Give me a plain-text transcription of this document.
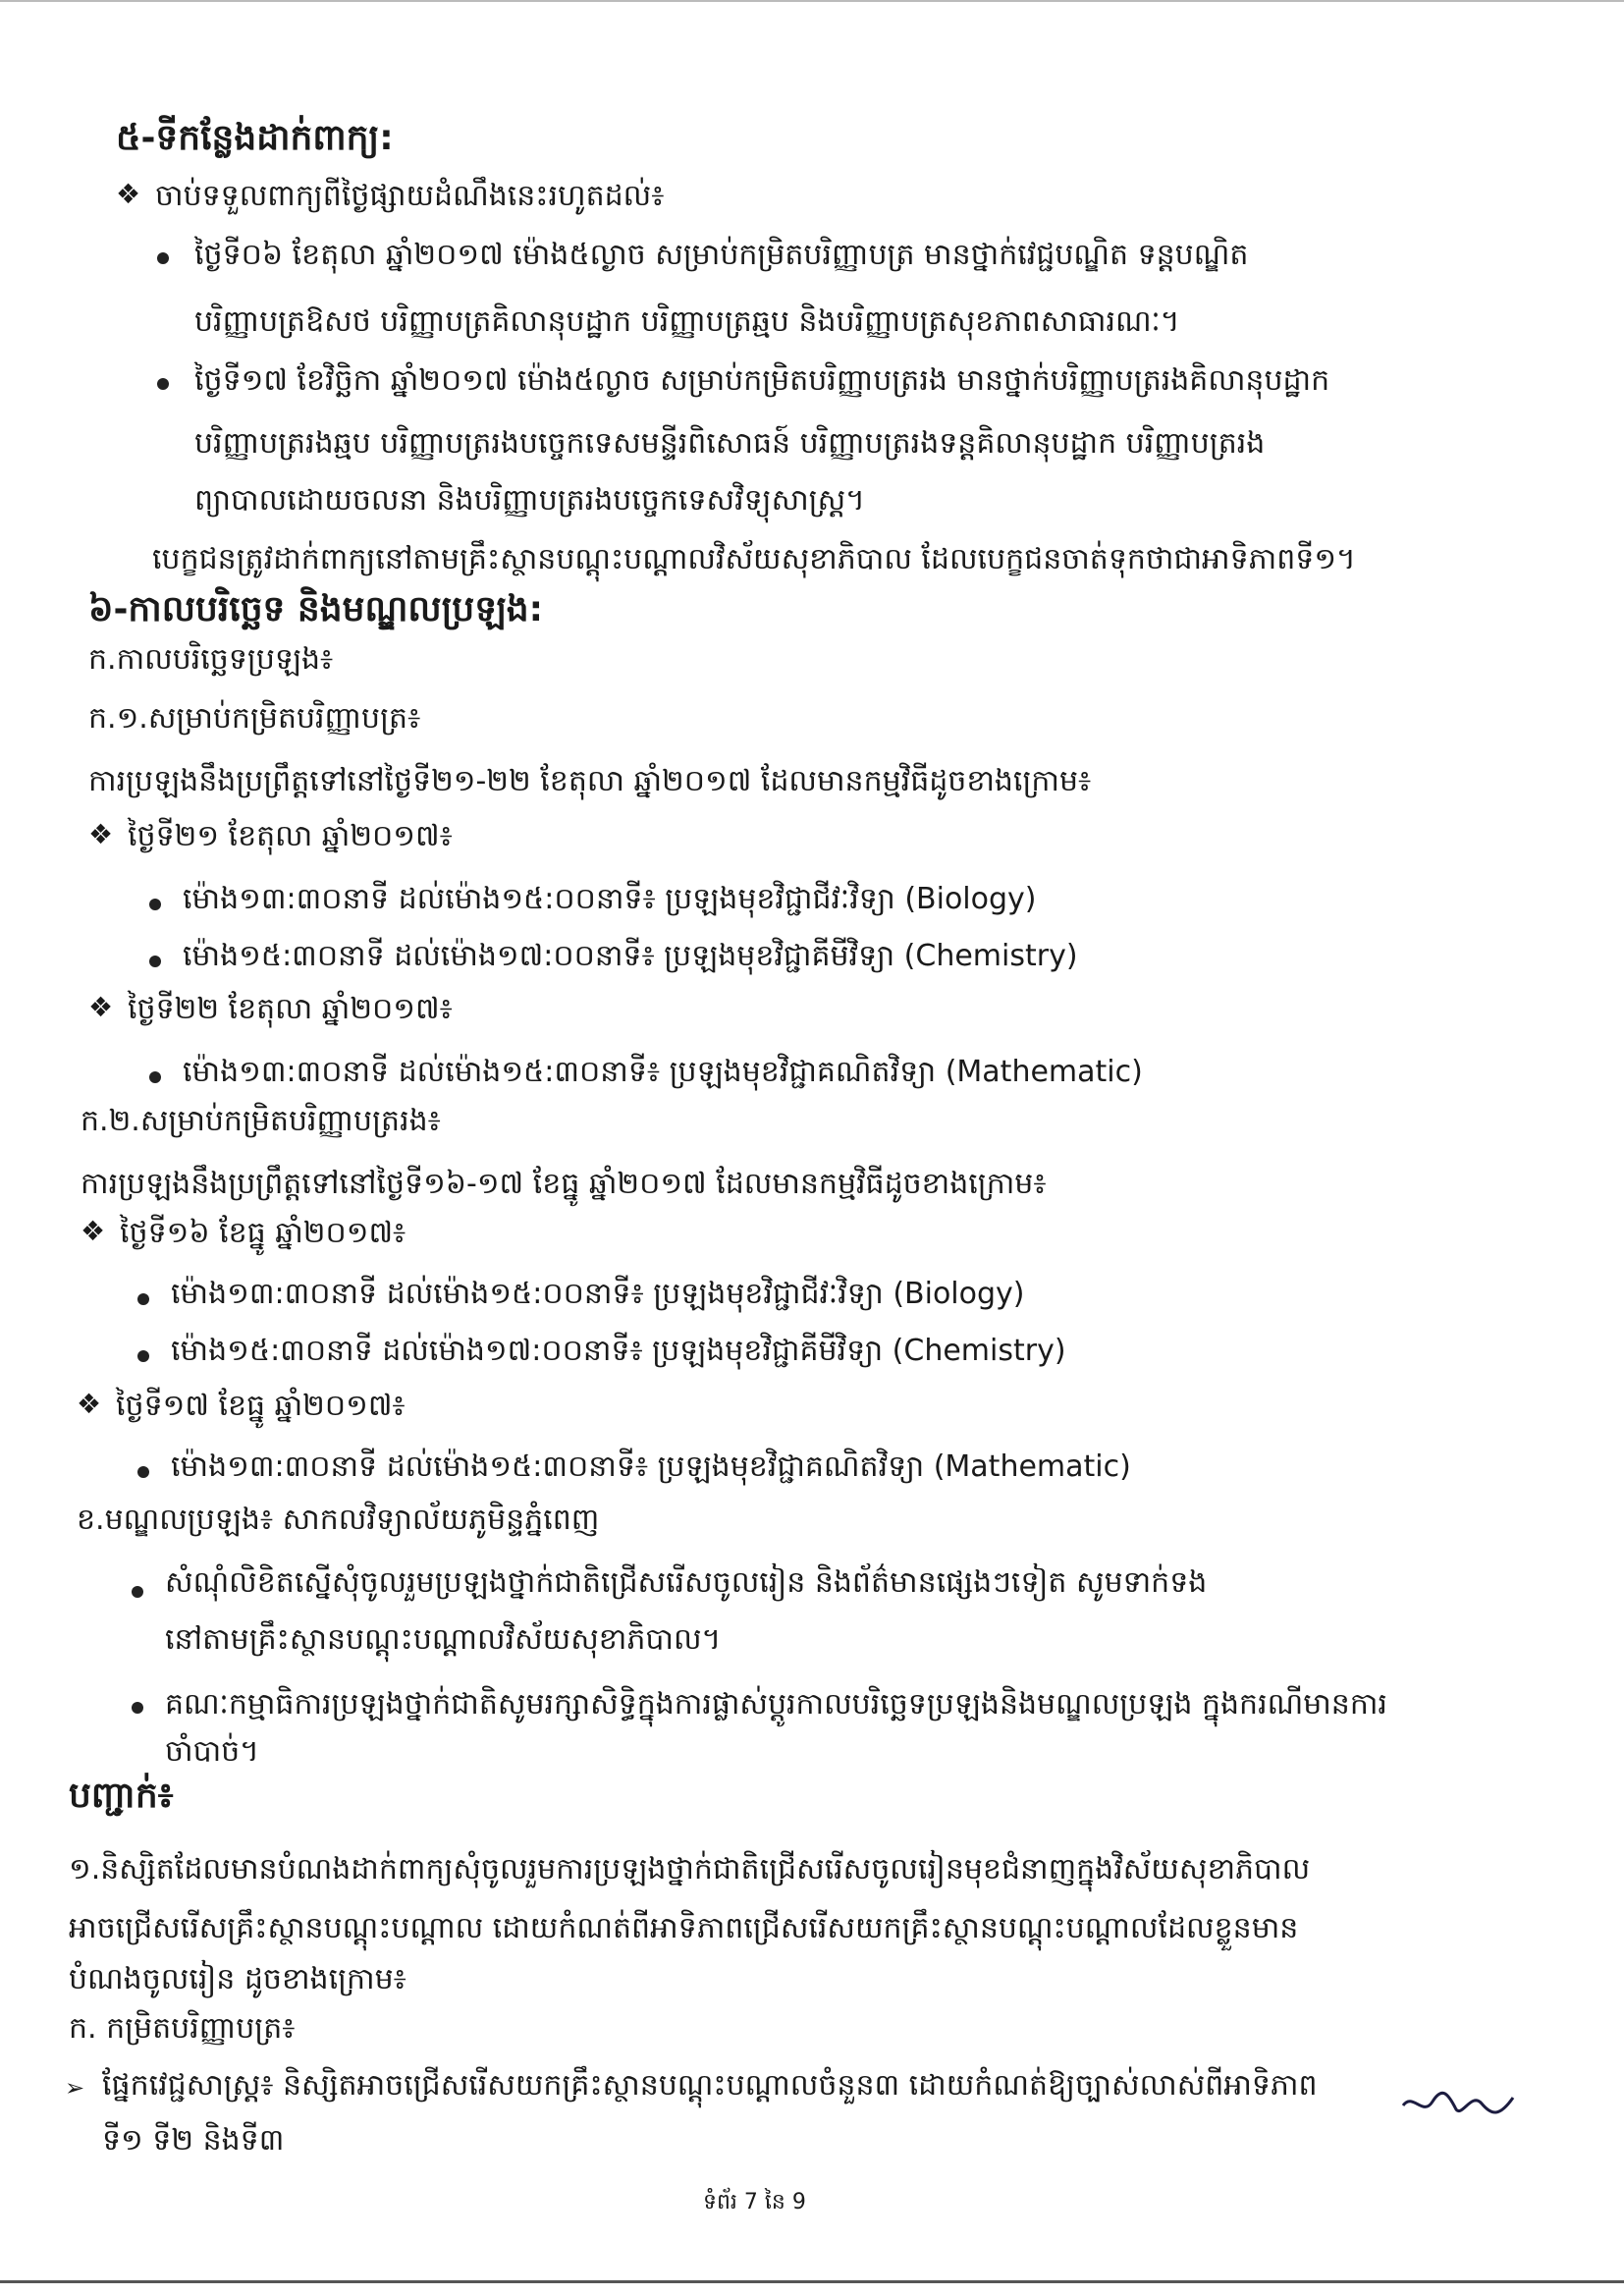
៥-ទីកន្លែងដាក់ពាក្យ:
❖ ចាប់ទទួលពាក្យពីថ្ងៃផ្សាយដំណឹងនេះរហូតដល់៖
ថ្ងៃទី០៦ ខែតុលា ឆ្នាំ២០១៧ ម៉ោង៥ល្ងាច សម្រាប់កម្រិតបរិញ្ញាបត្រ មានថ្នាក់វេជ្ជបណ្ឌិត ទន្តបណ្ឌិត
បរិញ្ញាបត្រឱសថ បរិញ្ញាបត្រគិលានុបដ្ឋាក បរិញ្ញាបត្រឆ្មប និងបរិញ្ញាបត្រសុខភាពសាធារណៈ។
ថ្ងៃទី១៧ ខែវិច្ឆិកា ឆ្នាំ២០១៧ ម៉ោង៥ល្ងាច សម្រាប់កម្រិតបរិញ្ញាបត្ររង មានថ្នាក់បរិញ្ញាបត្ររងគិលានុបដ្ឋាក
បរិញ្ញាបត្ររងឆ្មប បរិញ្ញាបត្ររងបច្ចេកទេសមន្ទីរពិសោធន៍ បរិញ្ញាបត្ររងទន្តគិលានុបដ្ឋាក បរិញ្ញាបត្ររង
ព្យាបាលដោយចលនា និងបរិញ្ញាបត្ររងបច្ចេកទេសវិទ្យុសាស្ត្រ។
បេក្ខជនត្រូវដាក់ពាក្យនៅតាមគ្រឹះស្ថានបណ្តុះបណ្តាលវិស័យសុខាភិបាល ដែលបេក្ខជនចាត់ទុកថាជាអាទិភាពទី១។
៦-កាលបរិច្ឆេទ និងមណ្ឌលប្រឡង:
ក.កាលបរិច្ឆេទប្រឡង៖
ក.១.សម្រាប់កម្រិតបរិញ្ញាបត្រ៖
ការប្រឡងនឹងប្រព្រឹត្តទៅនៅថ្ងៃទី២១-២២ ខែតុលា ឆ្នាំ២០១៧ ដែលមានកម្មវិធីដូចខាងក្រោម៖
❖ ថ្ងៃទី២១ ខែតុលា ឆ្នាំ២០១៧៖
ម៉ោង១៣:៣០នាទី ដល់ម៉ោង១៥:០០នាទី៖ ប្រឡងមុខវិជ្ជាជីវៈវិទ្យា (Biology)
ម៉ោង១៥:៣០នាទី ដល់ម៉ោង១៧:០០នាទី៖ ប្រឡងមុខវិជ្ជាគីមីវិទ្យា (Chemistry)
❖ ថ្ងៃទី២២ ខែតុលា ឆ្នាំ២០១៧៖
ម៉ោង១៣:៣០នាទី ដល់ម៉ោង១៥:៣០នាទី៖ ប្រឡងមុខវិជ្ជាគណិតវិទ្យា (Mathematic)
ក.២.សម្រាប់កម្រិតបរិញ្ញាបត្ររង៖
ការប្រឡងនឹងប្រព្រឹត្តទៅនៅថ្ងៃទី១៦-១៧ ខែធ្នូ ឆ្នាំ២០១៧ ដែលមានកម្មវិធីដូចខាងក្រោម៖
❖ ថ្ងៃទី១៦ ខែធ្នូ ឆ្នាំ២០១៧៖
ម៉ោង១៣:៣០នាទី ដល់ម៉ោង១៥:០០នាទី៖ ប្រឡងមុខវិជ្ជាជីវៈវិទ្យា (Biology)
ម៉ោង១៥:៣០នាទី ដល់ម៉ោង១៧:០០នាទី៖ ប្រឡងមុខវិជ្ជាគីមីវិទ្យា (Chemistry)
❖ ថ្ងៃទី១៧ ខែធ្នូ ឆ្នាំ២០១៧៖
ម៉ោង១៣:៣០នាទី ដល់ម៉ោង១៥:៣០នាទី៖ ប្រឡងមុខវិជ្ជាគណិតវិទ្យា (Mathematic)
ខ.មណ្ឌលប្រឡង៖ សាកលវិទ្យាល័យភូមិន្ទភ្នំពេញ
សំណុំលិខិតស្នើសុំចូលរួមប្រឡងថ្នាក់ជាតិជ្រើសរើសចូលរៀន និងព័ត៌មានផ្សេងៗទៀត សូមទាក់ទង
នៅតាមគ្រឹះស្ថានបណ្តុះបណ្តាលវិស័យសុខាភិបាល។
គណៈកម្មាធិការប្រឡងថ្នាក់ជាតិសូមរក្សាសិទ្ធិក្នុងការផ្លាស់ប្តូរកាលបរិច្ឆេទប្រឡងនិងមណ្ឌលប្រឡង ក្នុងករណីមានការ
ចាំបាច់។
បញ្ជាក់៖
១.និស្សិតដែលមានបំណងដាក់ពាក្យសុំចូលរួមការប្រឡងថ្នាក់ជាតិជ្រើសរើសចូលរៀនមុខជំនាញក្នុងវិស័យសុខាភិបាល
អាចជ្រើសរើសគ្រឹះស្ថានបណ្តុះបណ្តាល ដោយកំណត់ពីអាទិភាពជ្រើសរើសយកគ្រឹះស្ថានបណ្តុះបណ្តាលដែលខ្លួនមាន
បំណងចូលរៀន ដូចខាងក្រោម៖
ក. កម្រិតបរិញ្ញាបត្រ៖
➢ ផ្នែកវេជ្ជសាស្ត្រ៖ និស្សិតអាចជ្រើសរើសយកគ្រឹះស្ថានបណ្តុះបណ្តាលចំនួន៣ ដោយកំណត់ឱ្យច្បាស់លាស់ពីអាទិភាព
ទី១ ទី២ និងទី៣
ទំព័រ 7 នៃ 9
